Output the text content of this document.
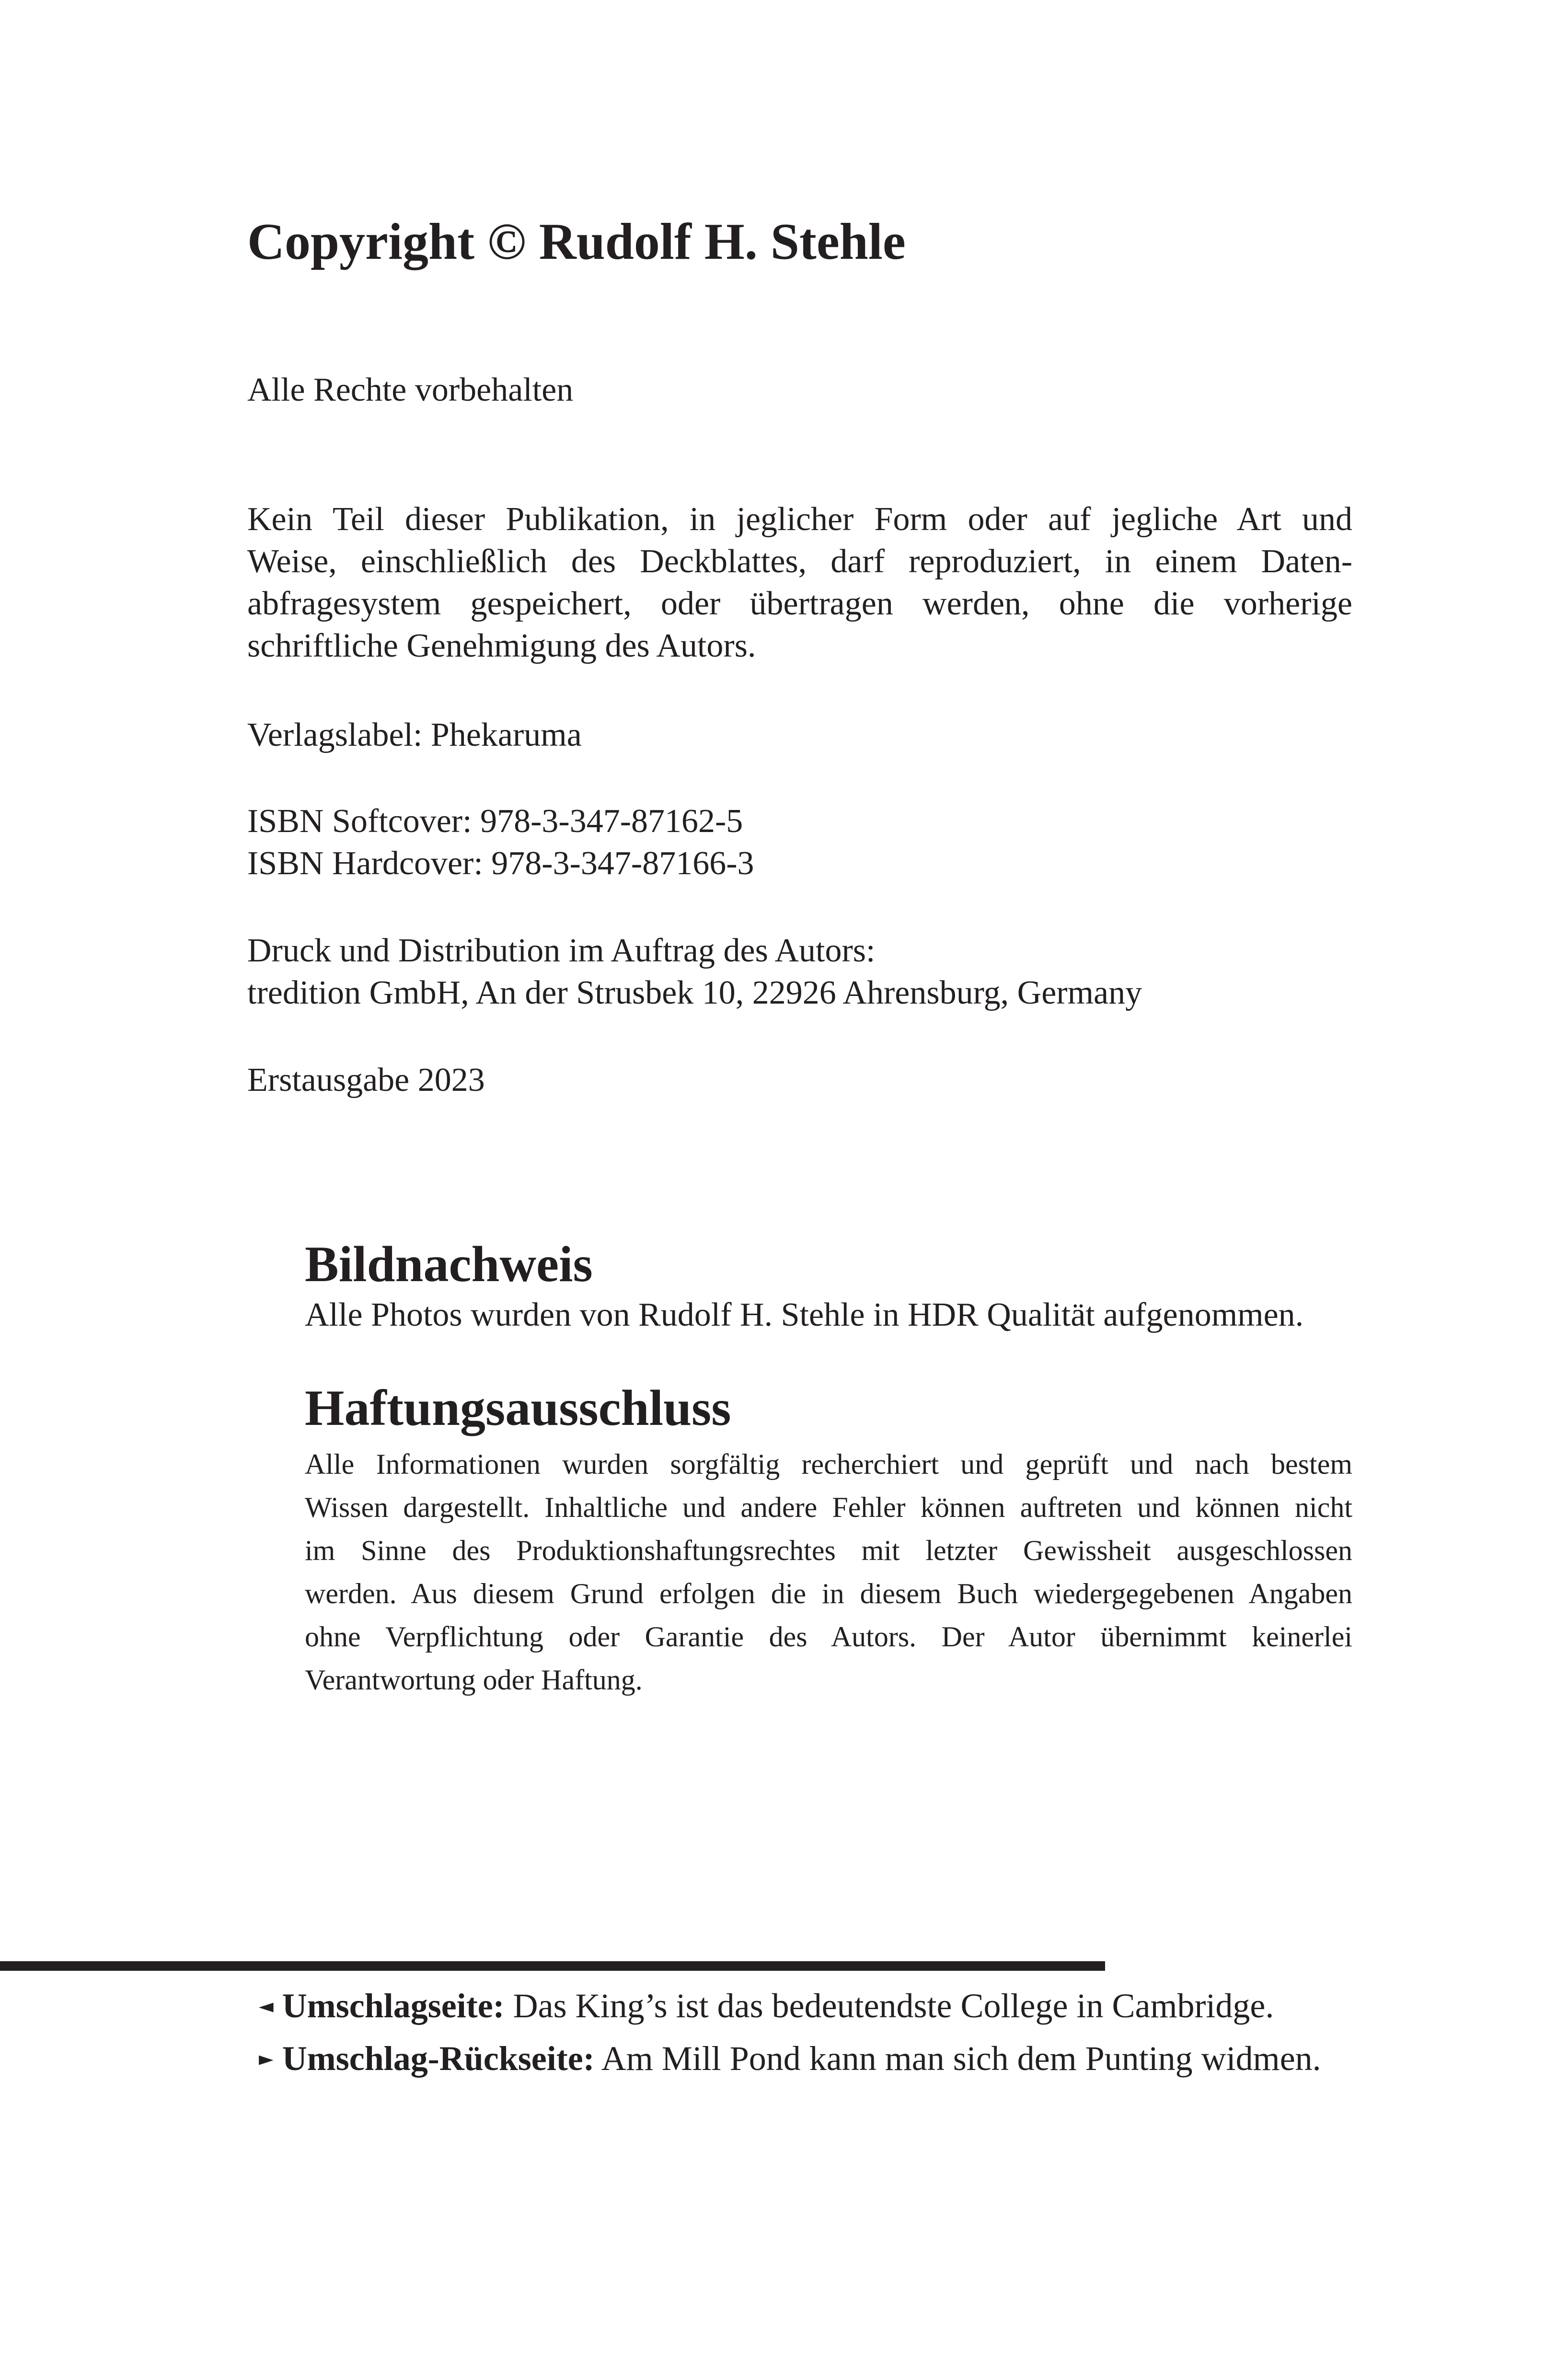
Copyright © Rudolf H. Stehle
Alle Rechte vorbehalten
Kein Teil dieser Publikation, in jeglicher Form oder auf jegliche Art und
Weise, einschließlich des Deckblattes, darf reproduziert, in einem Daten-
abfragesystem gespeichert, oder übertragen werden, ohne die vorherige
schriftliche Genehmigung des Autors.
Verlagslabel: Phekaruma
ISBN Softcover: 978-3-347-87162-5
ISBN Hardcover: 978-3-347-87166-3
Druck und Distribution im Auftrag des Autors:
tredition GmbH, An der Strusbek 10, 22926 Ahrensburg, Germany
Erstausgabe 2023
Bildnachweis
Alle Photos wurden von Rudolf H. Stehle in HDR Qualität aufgenommen.
Haftungsausschluss
Alle Informationen wurden sorgfältig recherchiert und geprüft und nach bestem
Wissen dargestellt. Inhaltliche und andere Fehler können auftreten und können nicht
im Sinne des Produktionshaftungsrechtes mit letzter Gewissheit ausgeschlossen
werden. Aus diesem Grund erfolgen die in diesem Buch wiedergegebenen Angaben
ohne Verpflichtung oder Garantie des Autors. Der Autor übernimmt keinerlei
Verantwortung oder Haftung.
◄ Umschlagseite: Das King’s ist das bedeutendste College in Cambridge.
► Umschlag-Rückseite: Am Mill Pond kann man sich dem Punting widmen.
